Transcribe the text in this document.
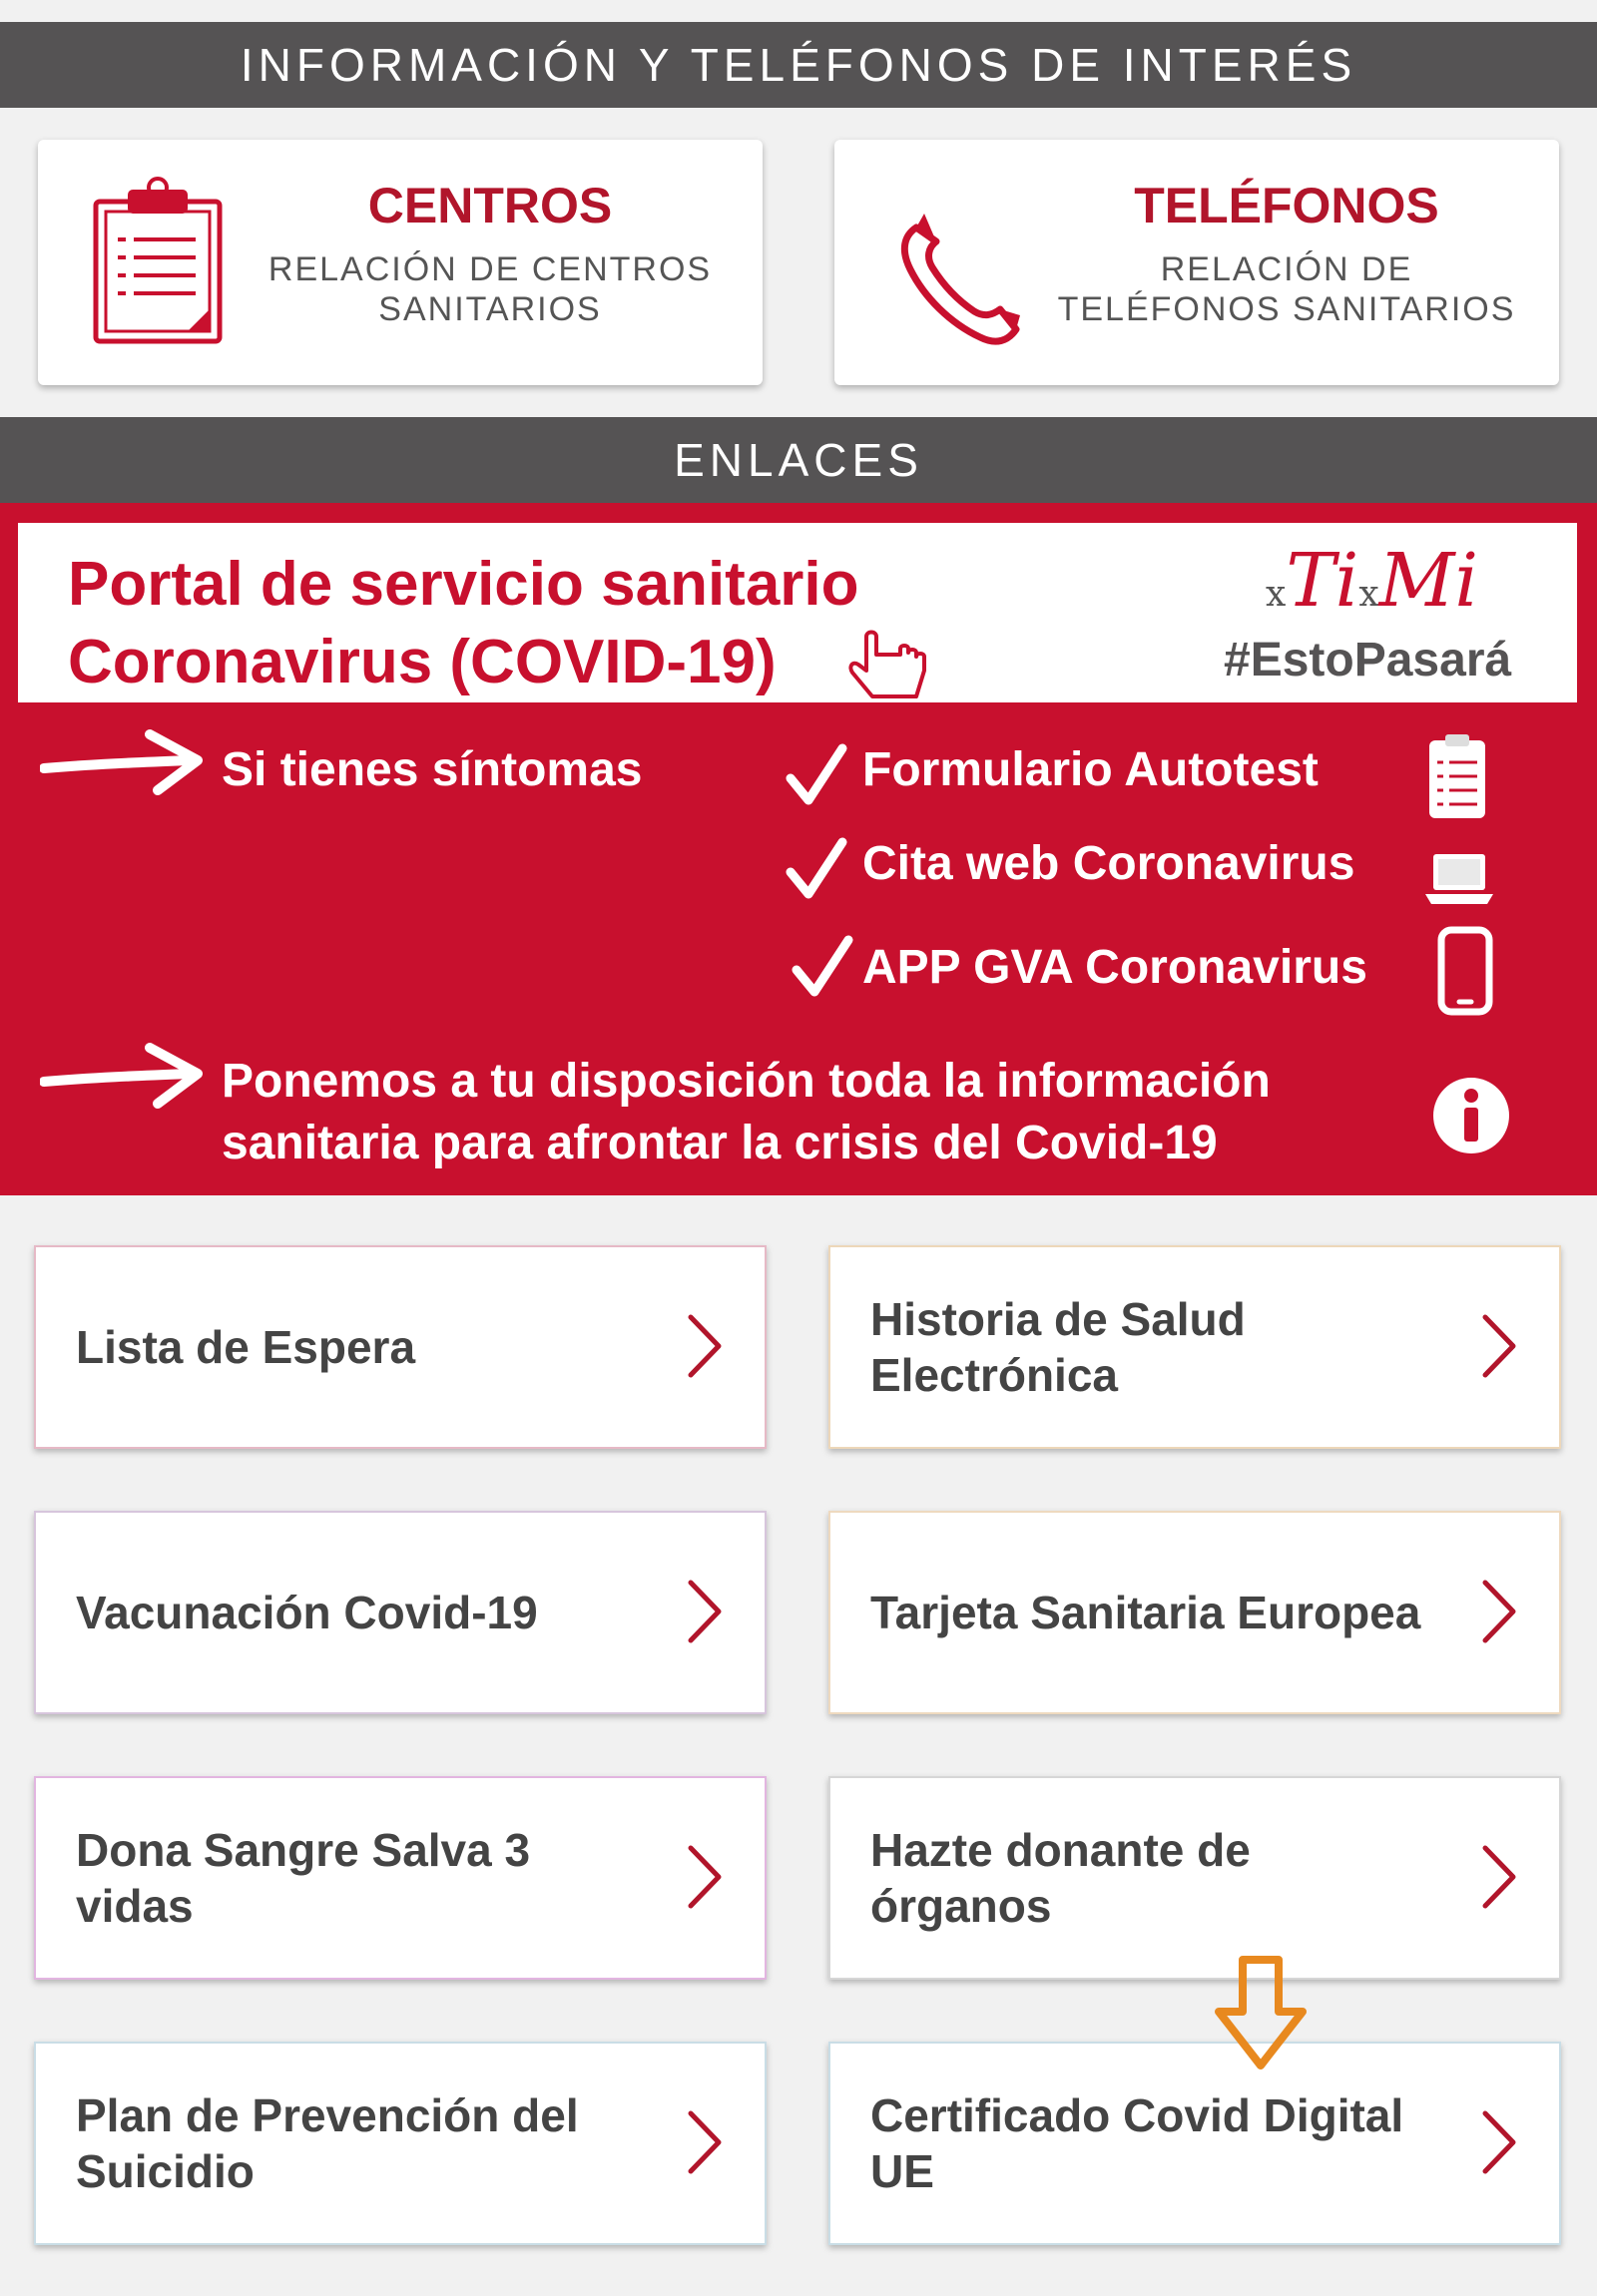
INFORMACIÓN Y TELÉFONOS DE INTERÉS
CENTROS
RELACIÓN DE CENTROS SANITARIOS
TELÉFONOS
RELACIÓN DE TELÉFONOS SANITARIOS
ENLACES
Portal de servicio sanitario
Coronavirus (COVID-19)
xTixMi
#EstoPasará
Si tienes síntomas	Formulario Autotest
Cita web Coronavirus
APP GVA Coronavirus
Ponemos a tu disposición toda la información
sanitaria para afrontar la crisis del Covid-19
Lista de Espera
Historia de Salud Electrónica
Vacunación Covid-19	Tarjeta Sanitaria Europea
Dona Sangre Salva 3 vidas
Hazte donante de órganos
Plan de Prevención del Suicidio
Certificado Covid Digital UE
